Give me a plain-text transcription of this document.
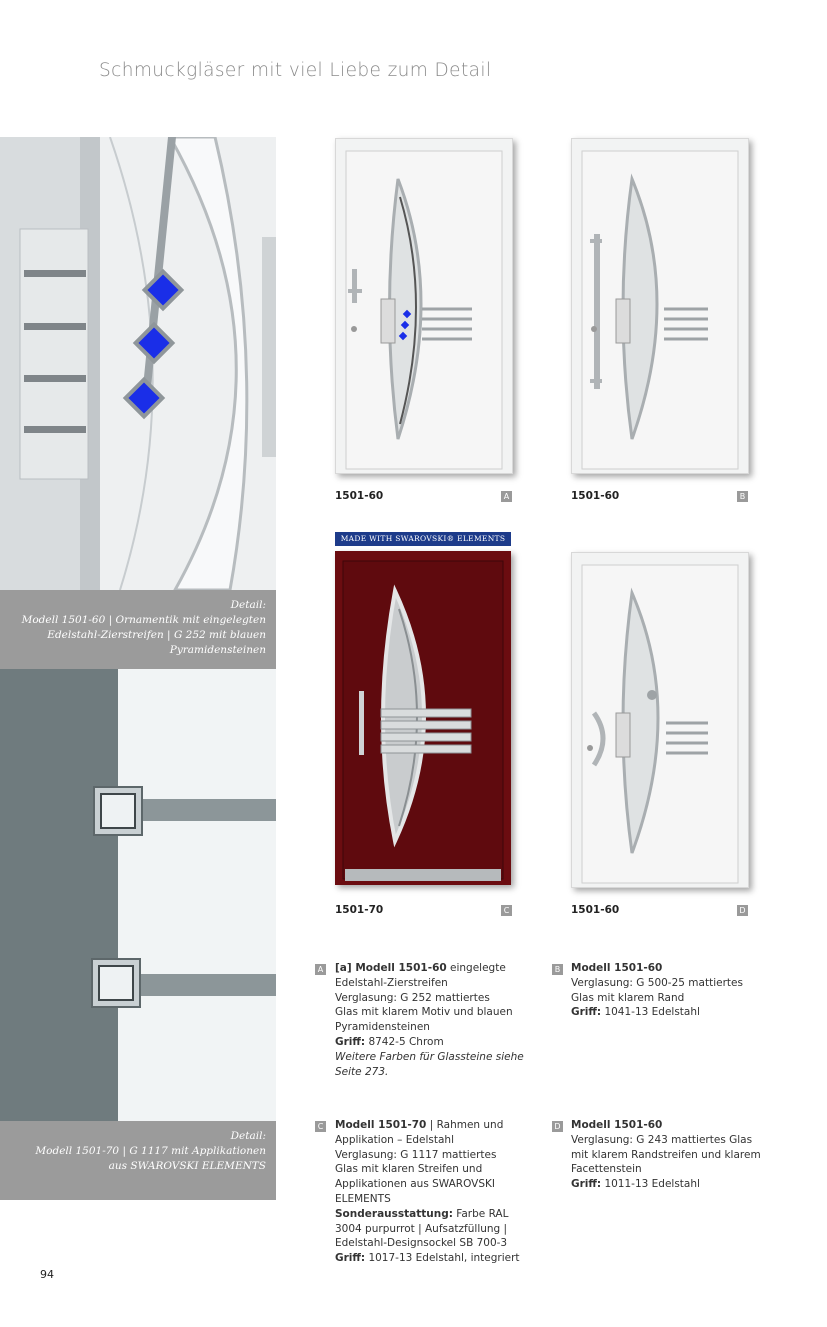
Schmuckgläser mit viel Liebe zum Detail
Detail:
Modell 1501-60 | Ornamentik mit eingelegten
Edelstahl-Zierstreifen | G 252 mit blauen
Pyramidensteinen
Detail:
Modell 1501-70 | G 1117 mit Applikationen
aus SWAROVSKI ELEMENTS
1501-60	A	1501-60	B
MADE WITH SWAROVSKI® ELEMENTS
1501-70	C	1501-60	D
A [a] Modell 1501-60 eingelegte
Edelstahl-Zierstreifen
Verglasung: G 252 mattiertes
Glas mit klarem Motiv und blauen
Pyramidensteinen
Griff: 8742-5 Chrom
Weitere Farben für Glassteine siehe
Seite 273.
B Modell 1501-60
Verglasung: G 500-25 mattiertes
Glas mit klarem Rand
Griff: 1041-13 Edelstahl
C Modell 1501-70 | Rahmen und
Applikation – Edelstahl
Verglasung: G 1117 mattiertes
Glas mit klaren Streifen und
Applikationen aus SWAROVSKI
ELEMENTS
Sonderausstattung: Farbe RAL
3004 purpurrot | Aufsatzfüllung |
Edelstahl-Designsockel SB 700-3
Griff: 1017-13 Edelstahl, integriert
D Modell 1501-60
Verglasung: G 243 mattiertes Glas
mit klarem Randstreifen und klarem
Facettenstein
Griff: 1011-13 Edelstahl
94
